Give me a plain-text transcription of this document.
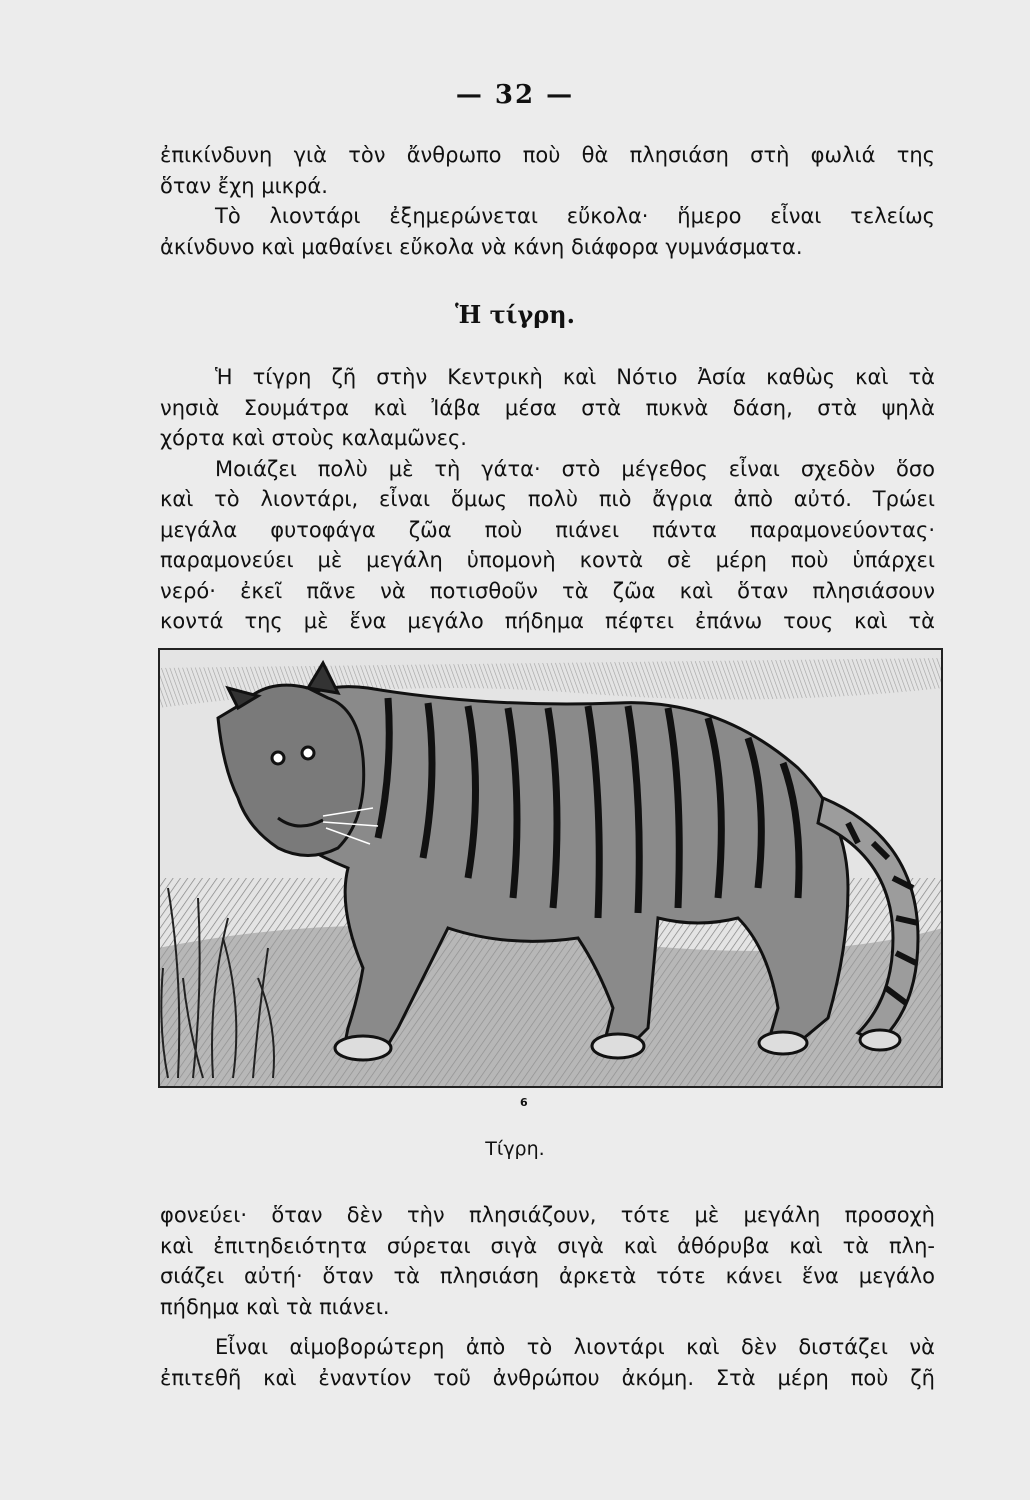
— 32 —

ἐπικίνδυνη γιὰ τὸν ἄνθρωπο ποὺ θὰ πλησιάση στὴ φωλιά της
ὅταν ἔχη μικρά.

Τὸ λιοντάρι ἐξημερώνεται εὔκολα· ἥμερο εἶναι τελείως
ἀκίνδυνο καὶ μαθαίνει εὔκολα νὰ κάνη διάφορα γυμνάσματα.

Ἡ τίγρη.

Ἡ τίγρη ζῆ στὴν Κεντρικὴ καὶ Νότιο Ἀσία καθὼς καὶ τὰ
νησιὰ Σουμάτρα καὶ Ἰάβα μέσα στὰ πυκνὰ δάση, στὰ ψηλὰ
χόρτα καὶ στοὺς καλαμῶνες.

Μοιάζει πολὺ μὲ τὴ γάτα· στὸ μέγεθος εἶναι σχεδὸν ὅσο
καὶ τὸ λιοντάρι, εἶναι ὅμως πολὺ πιὸ ἄγρια ἀπὸ αὐτό. Τρώει
μεγάλα φυτοφάγα ζῶα ποὺ πιάνει πάντα παραμονεύοντας·
παραμονεύει μὲ μεγάλη ὑπομονὴ κοντὰ σὲ μέρη ποὺ ὑπάρχει
νερό· ἐκεῖ πᾶνε νὰ ποτισθοῦν τὰ ζῶα καὶ ὅταν πλησιάσουν
κοντά της μὲ ἕνα μεγάλο πήδημα πέφτει ἐπάνω τους καὶ τὰ

6
Τίγρη.

φονεύει· ὅταν δὲν τὴν πλησιάζουν, τότε μὲ μεγάλη προσοχὴ
καὶ ἐπιτηδειότητα σύρεται σιγὰ σιγὰ καὶ ἀθόρυβα καὶ τὰ πλη-
σιάζει αὐτή· ὅταν τὰ πλησιάση ἀρκετὰ τότε κάνει ἕνα μεγάλο
πήδημα καὶ τὰ πιάνει.

Εἶναι αἱμοβορώτερη ἀπὸ τὸ λιοντάρι καὶ δὲν διστάζει νὰ
ἐπιτεθῆ καὶ ἐναντίον τοῦ ἀνθρώπου ἀκόμη. Στὰ μέρη ποὺ ζῆ
